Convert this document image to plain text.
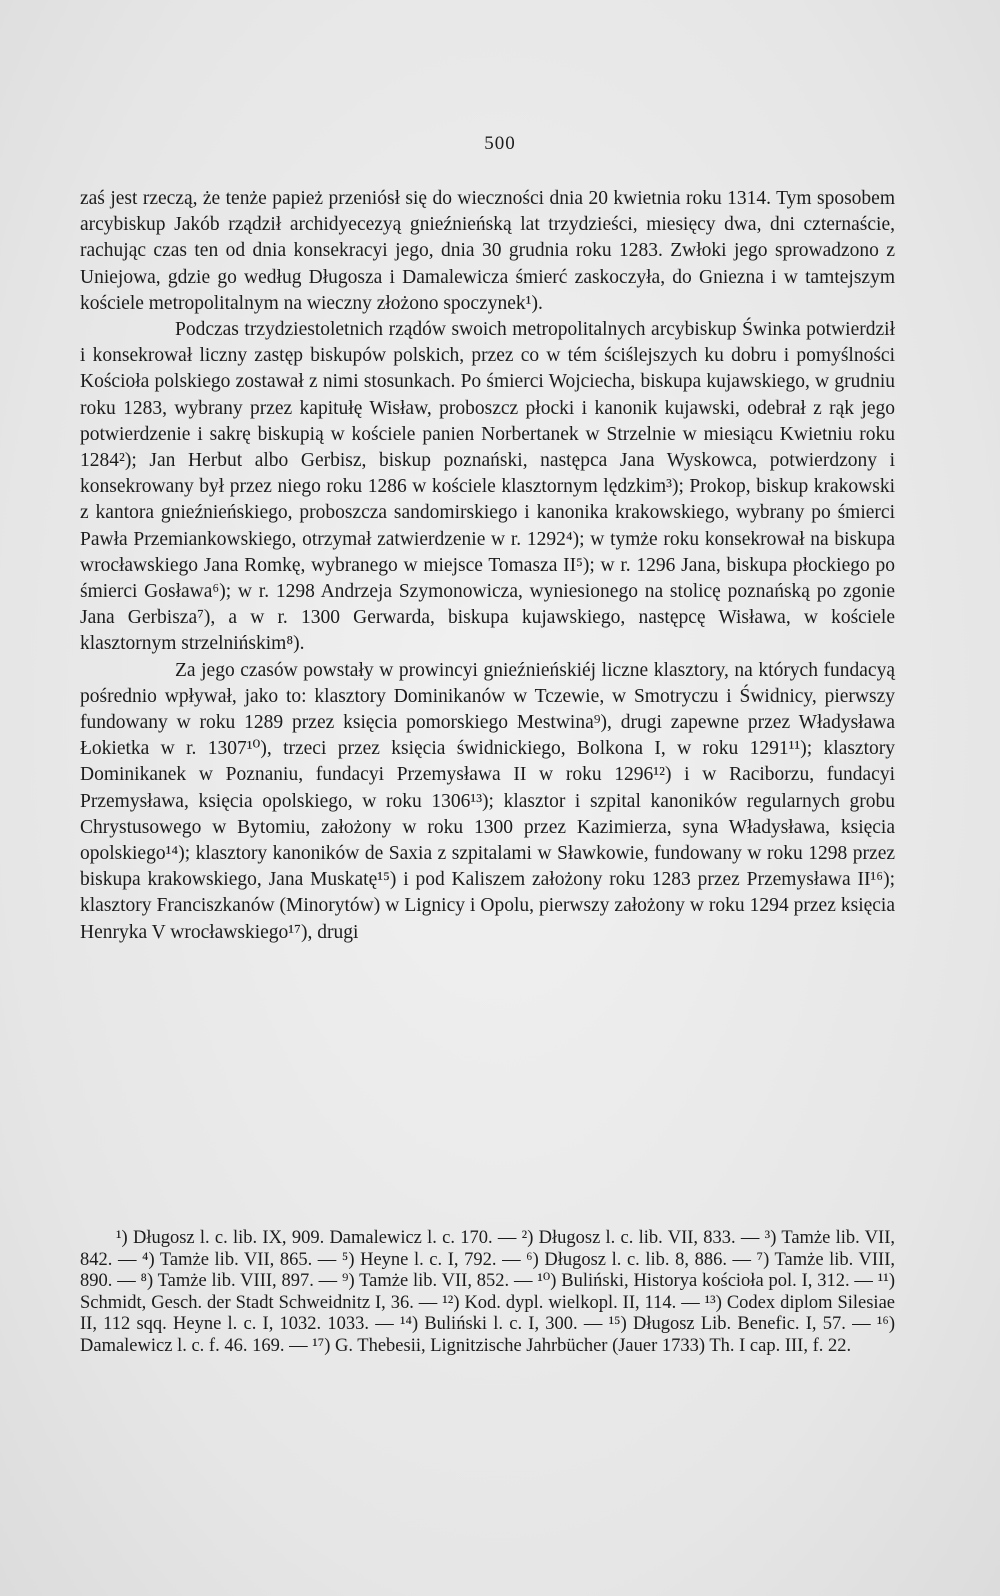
500

zaś jest rzeczą, że tenże papież przeniósł się do wieczności dnia 20 kwietnia roku 1314. Tym sposobem arcybiskup Jakób rządził archidyecezyą gnieźnieńską lat trzydzieści, miesięcy dwa, dni czternaście, rachując czas ten od dnia konsekracyi jego, dnia 30 grudnia roku 1283. Zwłoki jego sprowadzono z Uniejowa, gdzie go według Długosza i Damalewicza śmierć zaskoczyła, do Gniezna i w tamtejszym kościele metropolitalnym na wieczny złożono spoczynek¹).

Podczas trzydziestoletnich rządów swoich metropolitalnych arcybiskup Świnka potwierdził i konsekrował liczny zastęp biskupów polskich, przez co w tém ściślejszych ku dobru i pomyślności Kościoła polskiego zostawał z nimi stosunkach. Po śmierci Wojciecha, biskupa kujawskiego, w grudniu roku 1283, wybrany przez kapitułę Wisław, proboszcz płocki i kanonik kujawski, odebrał z rąk jego potwierdzenie i sakrę biskupią w kościele panien Norbertanek w Strzelnie w miesiącu Kwietniu roku 1284²); Jan Herbut albo Gerbisz, biskup poznański, następca Jana Wyskowca, potwierdzony i konsekrowany był przez niego roku 1286 w kościele klasztornym lędzkim³); Prokop, biskup krakowski z kantora gnieźnieńskiego, proboszcza sandomirskiego i kanonika krakowskiego, wybrany po śmierci Pawła Przemiankowskiego, otrzymał zatwierdzenie w r. 1292⁴); w tymże roku konsekrował na biskupa wrocławskiego Jana Romkę, wybranego w miejsce Tomasza II⁵); w r. 1296 Jana, biskupa płockiego po śmierci Gosława⁶); w r. 1298 Andrzeja Szymonowicza, wyniesionego na stolicę poznańską po zgonie Jana Gerbisza⁷), a w r. 1300 Gerwarda, biskupa kujawskiego, następcę Wisława, w kościele klasztornym strzelnińskim⁸).

Za jego czasów powstały w prowincyi gnieźnieńskiéj liczne klasztory, na których fundacyą pośrednio wpływał, jako to: klasztory Dominikanów w Tczewie, w Smotryczu i Świdnicy, pierwszy fundowany w roku 1289 przez księcia pomorskiego Mestwina⁹), drugi zapewne przez Władysława Łokietka w r. 1307¹⁰), trzeci przez księcia świdnickiego, Bolkona I, w roku 1291¹¹); klasztory Dominikanek w Poznaniu, fundacyi Przemysława II w roku 1296¹²) i w Raciborzu, fundacyi Przemysława, księcia opolskiego, w roku 1306¹³); klasztor i szpital kanoników regularnych grobu Chrystusowego w Bytomiu, założony w roku 1300 przez Kazimierza, syna Władysława, księcia opolskiego¹⁴); klasztory kanoników de Saxia z szpitalami w Sławkowie, fundowany w roku 1298 przez biskupa krakowskiego, Jana Muskatę¹⁵) i pod Kaliszem założony roku 1283 przez Przemysława II¹⁶); klasztory Franciszkanów (Minorytów) w Lignicy i Opolu, pierwszy założony w roku 1294 przez księcia Henryka V wrocławskiego¹⁷), drugi

¹) Długosz l. c. lib. IX, 909. Damalewicz l. c. 170. — ²) Długosz l. c. lib. VII, 833. — ³) Tamże lib. VII, 842. — ⁴) Tamże lib. VII, 865. — ⁵) Heyne l. c. I, 792. — ⁶) Długosz l. c. lib. 8, 886. — ⁷) Tamże lib. VIII, 890. — ⁸) Tamże lib. VIII, 897. — ⁹) Tamże lib. VII, 852. — ¹⁰) Buliński, Historya kościoła pol. I, 312. — ¹¹) Schmidt, Gesch. der Stadt Schweidnitz I, 36. — ¹²) Kod. dypl. wielkopl. II, 114. — ¹³) Codex diplom Silesiae II, 112 sqq. Heyne l. c. I, 1032. 1033. — ¹⁴) Buliński l. c. I, 300. — ¹⁵) Długosz Lib. Benefic. I, 57. — ¹⁶) Damalewicz l. c. f. 46. 169. — ¹⁷) G. Thebesii, Lignitzische Jahrbücher (Jauer 1733) Th. I cap. III, f. 22.
